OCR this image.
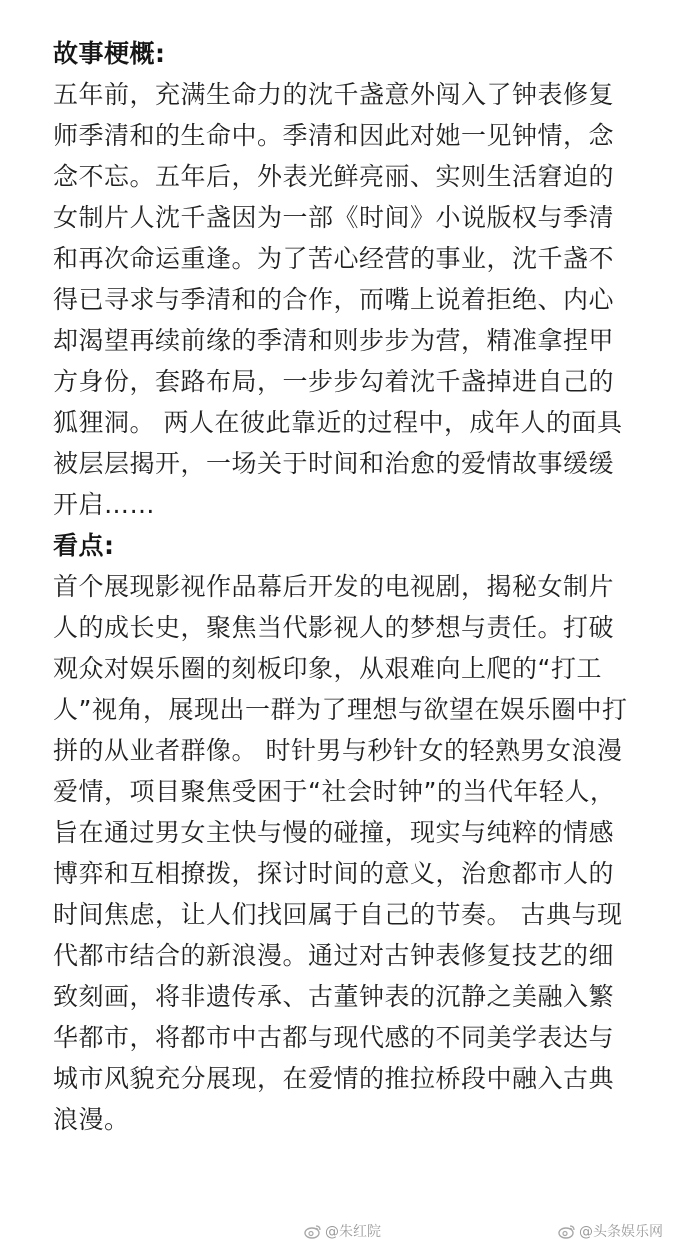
故事梗概:
五年前，充满生命力的沈千盏意外闯入了钟表修复
师季清和的生命中。季清和因此对她一见钟情，念
念不忘。五年后，外表光鲜亮丽、实则生活窘迫的
女制片人沈千盏因为一部《时间》小说版权与季清
和再次命运重逢。为了苦心经营的事业，沈千盏不
得已寻求与季清和的合作，而嘴上说着拒绝、内心
却渴望再续前缘的季清和则步步为营，精准拿捏甲
方身份，套路布局，一步步勾着沈千盏掉进自己的
狐狸洞。 两人在彼此靠近的过程中，成年人的面具
被层层揭开，一场关于时间和治愈的爱情故事缓缓
开启……
看点:
首个展现影视作品幕后开发的电视剧，揭秘女制片
人的成长史，聚焦当代影视人的梦想与责任。打破
观众对娱乐圈的刻板印象，从艰难向上爬的“打工
人”视角，展现出一群为了理想与欲望在娱乐圈中打
拼的从业者群像。 时针男与秒针女的轻熟男女浪漫
爱情，项目聚焦受困于“社会时钟”的当代年轻人，
旨在通过男女主快与慢的碰撞，现实与纯粹的情感
博弈和互相撩拨，探讨时间的意义，治愈都市人的
时间焦虑，让人们找回属于自己的节奏。 古典与现
代都市结合的新浪漫。通过对古钟表修复技艺的细
致刻画，将非遗传承、古董钟表的沉静之美融入繁
华都市，将都市中古都与现代感的不同美学表达与
城市风貌充分展现，在爱情的推拉桥段中融入古典
浪漫。
@朱红院	@头条娱乐网
